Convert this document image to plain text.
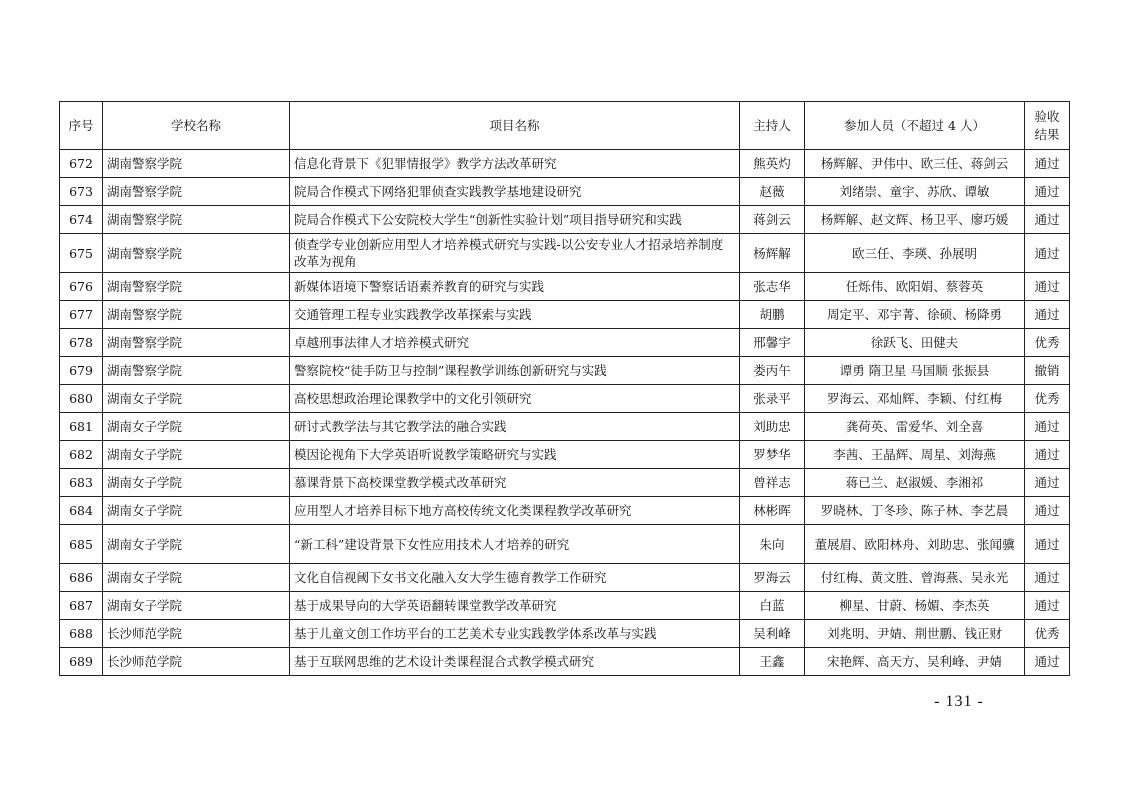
序号	学校名称	项目名称	主持人	参加人员（不超过 4 人）	验收
结果
672	湖南警察学院	信息化背景下《犯罪情报学》教学方法改革研究	熊英灼	杨辉解、尹伟中、欧三任、蒋剑云	通过
673	湖南警察学院	院局合作模式下网络犯罪侦查实践教学基地建设研究	赵薇	刘绪崇、童宇、苏欣、谭敏	通过
674	湖南警察学院	院局合作模式下公安院校大学生“创新性实验计划”项目指导研究和实践	蒋剑云	杨辉解、赵文辉、杨卫平、廖巧媛	通过
675	湖南警察学院	侦查学专业创新应用型人才培养模式研究与实践-以公安专业人才招录培养制度改革为视角	杨辉解	欧三任、李瑛、孙展明	通过
676	湖南警察学院	新媒体语境下警察话语素养教育的研究与实践	张志华	任烁伟、欧阳娟、蔡蓉英	通过
677	湖南警察学院	交通管理工程专业实践教学改革探索与实践	胡鹏	周定平、邓宇菁、徐硕、杨降勇	通过
678	湖南警察学院	卓越刑事法律人才培养模式研究	邢馨宇	徐跃飞、田健夫	优秀
679	湖南警察学院	警察院校“徒手防卫与控制”课程教学训练创新研究与实践	娄丙午	谭勇 隋卫星 马国顺 张振县	撤销
680	湖南女子学院	高校思想政治理论课教学中的文化引领研究	张录平	罗海云、邓灿辉、李颖、付红梅	优秀
681	湖南女子学院	研讨式教学法与其它教学法的融合实践	刘助忠	龚荷英、雷爱华、刘全喜	通过
682	湖南女子学院	模因论视角下大学英语听说教学策略研究与实践	罗梦华	李茜、王晶辉、周星、刘海燕	通过
683	湖南女子学院	慕课背景下高校课堂教学模式改革研究	曾祥志	蒋已兰、赵淑媛、李湘祁	通过
684	湖南女子学院	应用型人才培养目标下地方高校传统文化类课程教学改革研究	林彬晖	罗晓林、丁冬珍、陈子林、李艺晨	通过
685	湖南女子学院	“新工科”建设背景下女性应用技术人才培养的研究	朱向	董展眉、欧阳林舟、刘助忠、张闻骥	通过
686	湖南女子学院	文化自信视阈下女书文化融入女大学生德育教学工作研究	罗海云	付红梅、黄文胜、曾海燕、吴永光	通过
687	湖南女子学院	基于成果导向的大学英语翻转课堂教学改革研究	白蓝	柳星、甘蔚、杨媚、李杰英	通过
688	长沙师范学院	基于儿童文创工作坊平台的工艺美术专业实践教学体系改革与实践	吴利峰	刘兆明、尹婧、荆世鹏、钱正财	优秀
689	长沙师范学院	基于互联网思维的艺术设计类课程混合式教学模式研究	王鑫	宋艳辉、高天方、吴利峰、尹婧	通过
- 131 -
